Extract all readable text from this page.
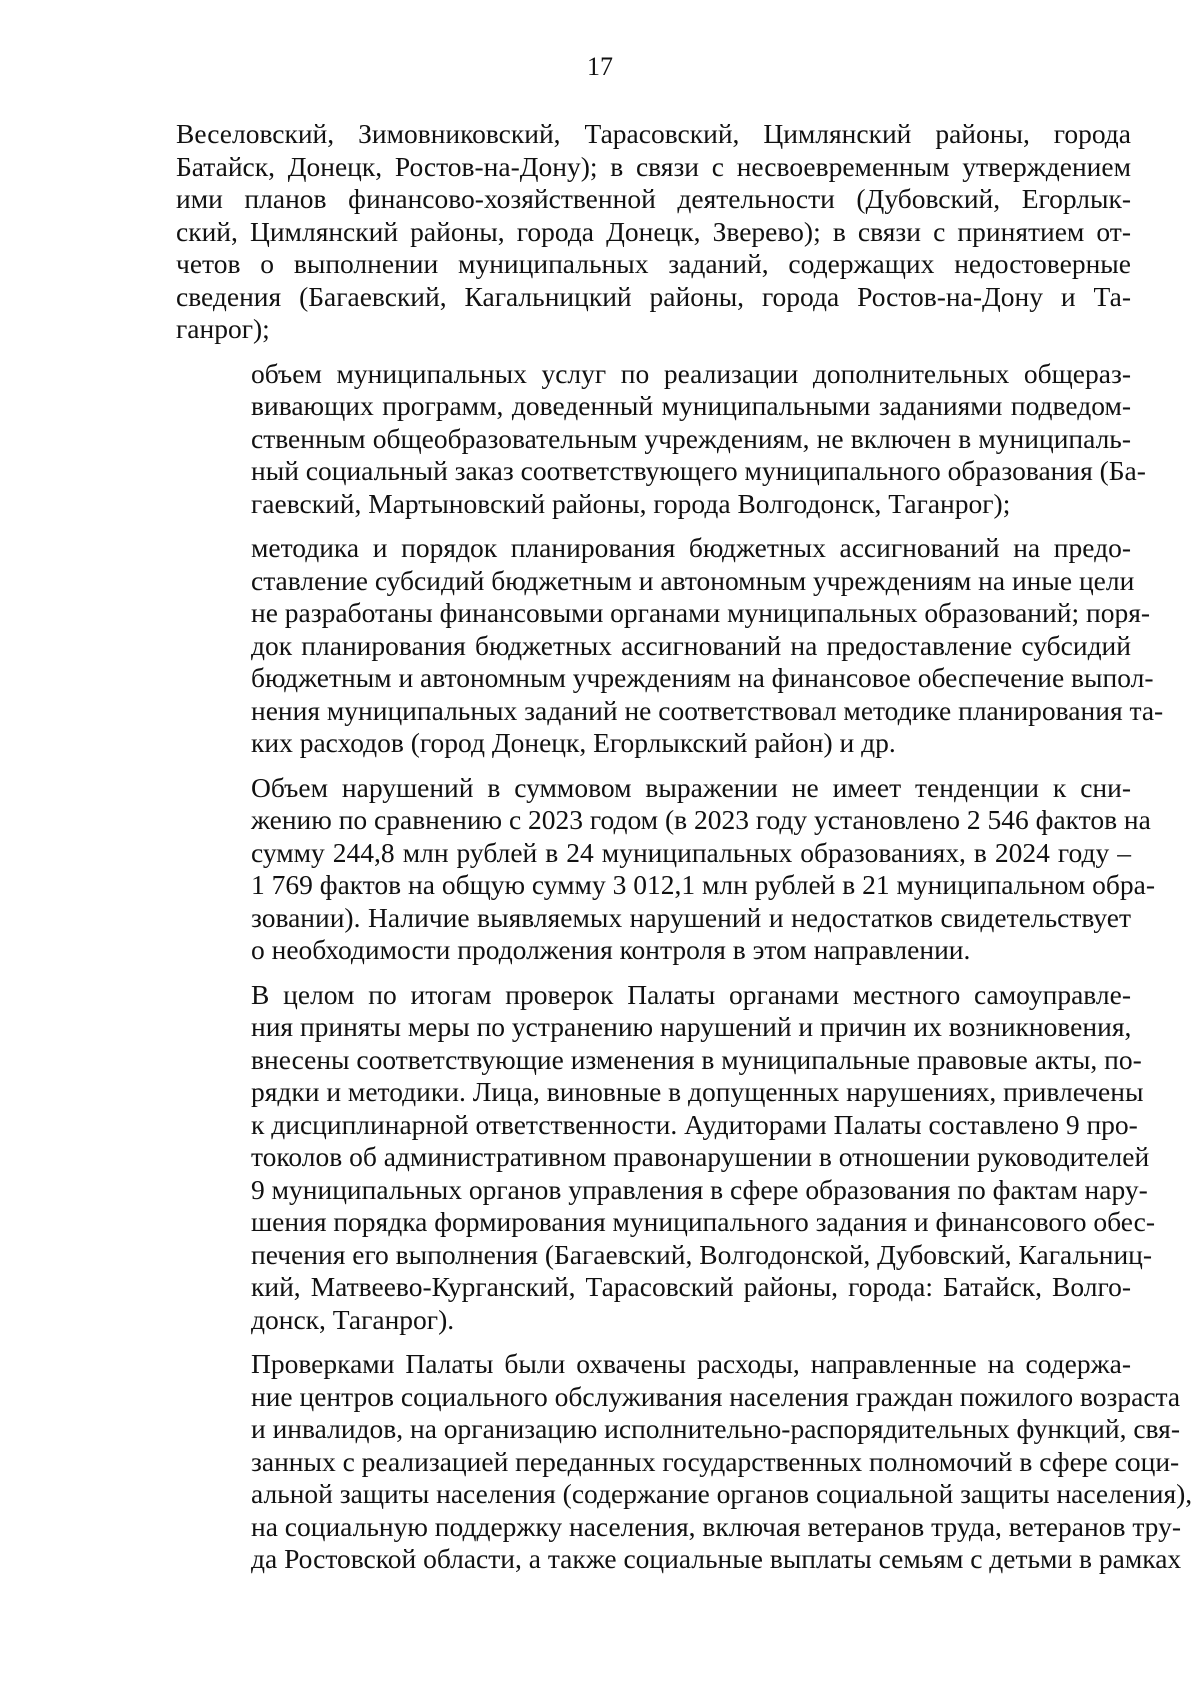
17
Веселовский, Зимовниковский, Тарасовский, Цимлянский районы, города
Батайск, Донецк, Ростов-на-Дону); в связи с несвоевременным утверждением
ими планов финансово-хозяйственной деятельности (Дубовский, Егорлык-
ский, Цимлянский районы, города Донецк, Зверево); в связи с принятием от-
четов о выполнении муниципальных заданий, содержащих недостоверные
сведения (Багаевский, Кагальницкий районы, города Ростов-на-Дону и Та-
ганрог);
объем муниципальных услуг по реализации дополнительных общераз-
вивающих программ, доведенный муниципальными заданиями подведом-
ственным общеобразовательным учреждениям, не включен в муниципаль-
ный социальный заказ соответствующего муниципального образования (Ба-
гаевский, Мартыновский районы, города Волгодонск, Таганрог);
методика и порядок планирования бюджетных ассигнований на предо-
ставление субсидий бюджетным и автономным учреждениям на иные цели
не разработаны финансовыми органами муниципальных образований; поря-
док планирования бюджетных ассигнований на предоставление субсидий
бюджетным и автономным учреждениям на финансовое обеспечение выпол-
нения муниципальных заданий не соответствовал методике планирования та-
ких расходов (город Донецк, Егорлыкский район) и др.
Объем нарушений в суммовом выражении не имеет тенденции к сни-
жению по сравнению с 2023 годом (в 2023 году установлено 2 546 фактов на
сумму 244,8 млн рублей в 24 муниципальных образованиях, в 2024 году –
1 769 фактов на общую сумму 3 012,1 млн рублей в 21 муниципальном обра-
зовании). Наличие выявляемых нарушений и недостатков свидетельствует
о необходимости продолжения контроля в этом направлении.
В целом по итогам проверок Палаты органами местного самоуправле-
ния приняты меры по устранению нарушений и причин их возникновения,
внесены соответствующие изменения в муниципальные правовые акты, по-
рядки и методики. Лица, виновные в допущенных нарушениях, привлечены
к дисциплинарной ответственности. Аудиторами Палаты составлено 9 про-
токолов об административном правонарушении в отношении руководителей
9 муниципальных органов управления в сфере образования по фактам нару-
шения порядка формирования муниципального задания и финансового обес-
печения его выполнения (Багаевский, Волгодонской, Дубовский, Кагальниц-
кий, Матвеево-Курганский, Тарасовский районы, города: Батайск, Волго-
донск, Таганрог).
Проверками Палаты были охвачены расходы, направленные на содержа-
ние центров социального обслуживания населения граждан пожилого возраста
и инвалидов, на организацию исполнительно-распорядительных функций, свя-
занных с реализацией переданных государственных полномочий в сфере соци-
альной защиты населения (содержание органов социальной защиты населения),
на социальную поддержку населения, включая ветеранов труда, ветеранов тру-
да Ростовской области, а также социальные выплаты семьям с детьми в рамках
